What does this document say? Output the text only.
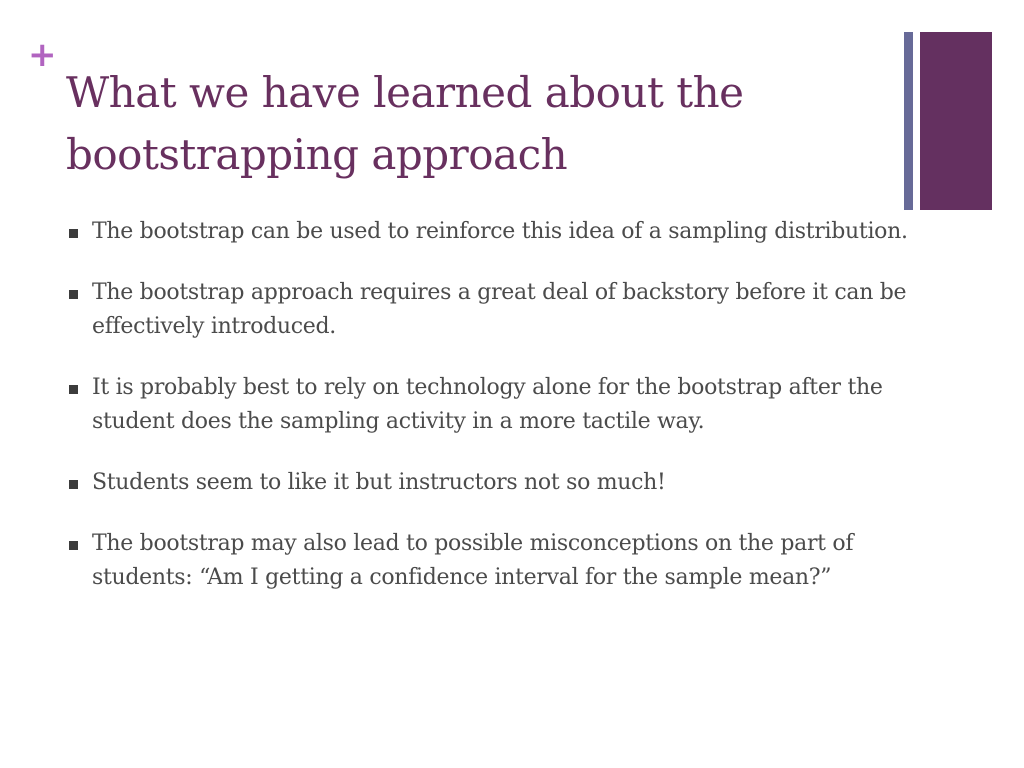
+
What we have learned about the bootstrapping approach
The bootstrap can be used to reinforce this idea of a sampling distribution.
The bootstrap approach requires a great deal of backstory before it can be effectively introduced.
It is probably best to rely on technology alone for the bootstrap after the student does the sampling activity in a more tactile way.
Students seem to like it but instructors not so much!
The bootstrap may also lead to possible misconceptions on the part of students: “Am I getting a confidence interval for the sample mean?”
